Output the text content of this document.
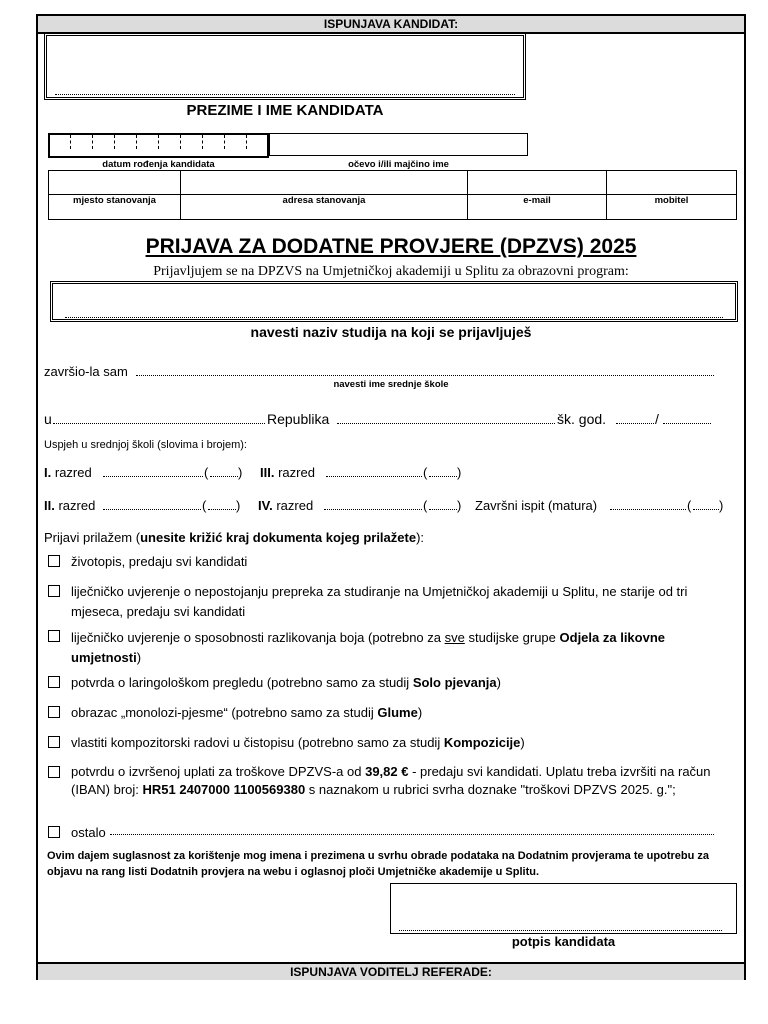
ISPUNJAVA KANDIDAT:
PREZIME I IME KANDIDATA
datum rođenja kandidata	očevo i/ili majčino ime
mjesto stanovanja	adresa stanovanja	e-mail	mobitel
PRIJAVA ZA DODATNE PROVJERE (DPZVS) 2025
Prijavljujem se na DPZVS na Umjetničkoj akademiji u Splitu za obrazovni program:
navesti naziv studija na koji se prijavljuješ
završio-la sam
navesti ime srednje škole
u	Republika	šk. god.	/
Uspjeh u srednjoj školi (slovima i brojem):
I. razred	( ) III. razred	( )
II. razred	( ) IV. razred	( ) Završni ispit (matura)	( )
Prijavi prilažem (unesite križić kraj dokumenta kojeg prilažete):
životopis, predaju svi kandidati
liječničko uvjerenje o nepostojanju prepreka za studiranje na Umjetničkoj akademiji u Splitu, ne starije od tri mjeseca, predaju svi kandidati
liječničko uvjerenje o sposobnosti razlikovanja boja (potrebno za sve studijske grupe Odjela za likovne umjetnosti)
potvrda o laringološkom pregledu (potrebno samo za studij Solo pjevanja)
obrazac „monolozi-pjesme“ (potrebno samo za studij Glume)
vlastiti kompozitorski radovi u čistopisu (potrebno samo za studij Kompozicije)
potvrdu o izvršenoj uplati za troškove DPZVS-a od 39,82 € - predaju svi kandidati. Uplatu treba izvršiti na račun (IBAN) broj: HR51 2407000 1100569380 s naznakom u rubrici svrha doznake "troškovi DPZVS 2025. g.";
ostalo
Ovim dajem suglasnost za korištenje mog imena i prezimena u svrhu obrade podataka na Dodatnim provjerama te upotrebu za objavu na rang listi Dodatnih provjera na webu i oglasnoj ploči Umjetničke akademije u Splitu.
potpis kandidata
ISPUNJAVA VODITELJ REFERADE:
